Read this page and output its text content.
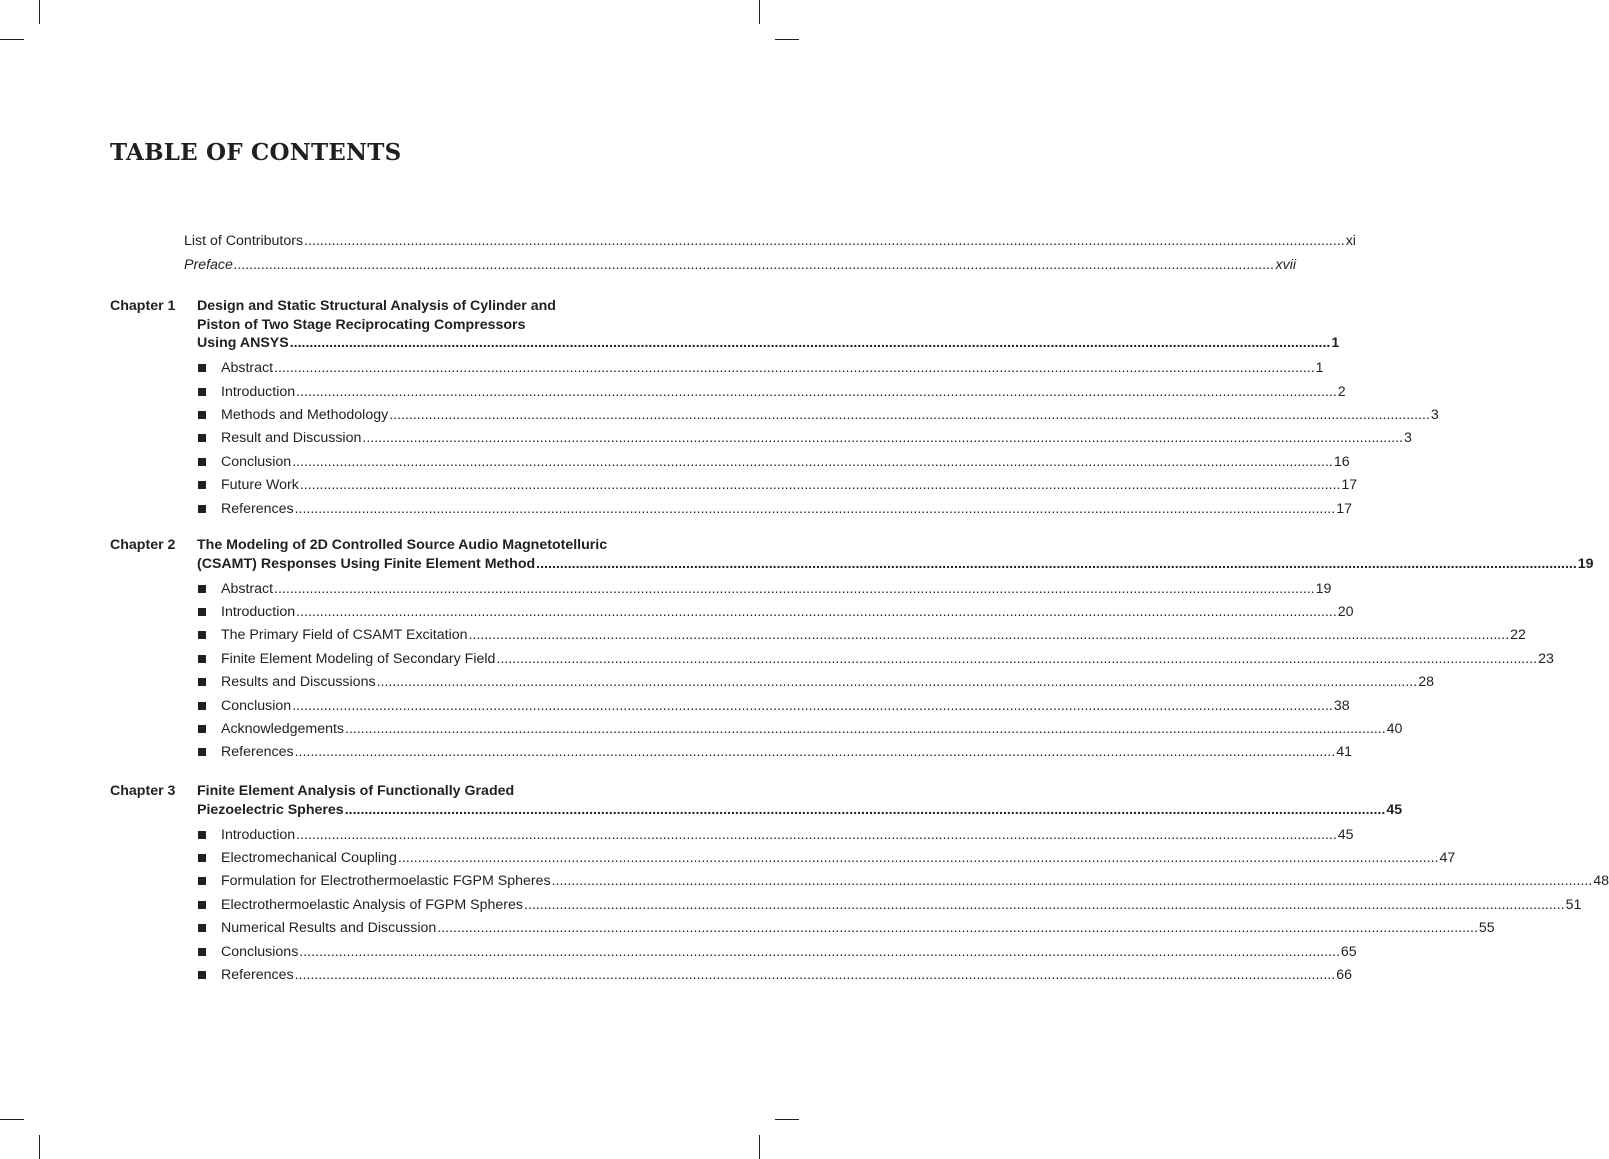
TABLE OF CONTENTS
List of Contributors .....	xi
Preface .....	xvii
Chapter 1 Design and Static Structural Analysis of Cylinder and
Piston of Two Stage Reciprocating Compressors
Using ANSYS .....	1
Abstract .....	1
Introduction .....	2
Methods and Methodology .....	3
Result and Discussion .....	3
Conclusion .....	16
Future Work .....	17
References .....	17
Chapter 2 The Modeling of 2D Controlled Source Audio Magnetotelluric
(CSAMT) Responses Using Finite Element Method .....	19
Abstract .....	19
Introduction .....	20
The Primary Field of CSAMT Excitation .....	22
Finite Element Modeling of Secondary Field .....	23
Results and Discussions .....	28
Conclusion .....	38
Acknowledgements .....	40
References .....	41
Chapter 3 Finite Element Analysis of Functionally Graded
Piezoelectric Spheres .....	45
Introduction .....	45
Electromechanical Coupling .....	47
Formulation for Electrothermoelastic FGPM Spheres .....	48
Electrothermoelastic Analysis of FGPM Spheres .....	51
Numerical Results and Discussion .....	55
Conclusions .....	65
References .....	66
